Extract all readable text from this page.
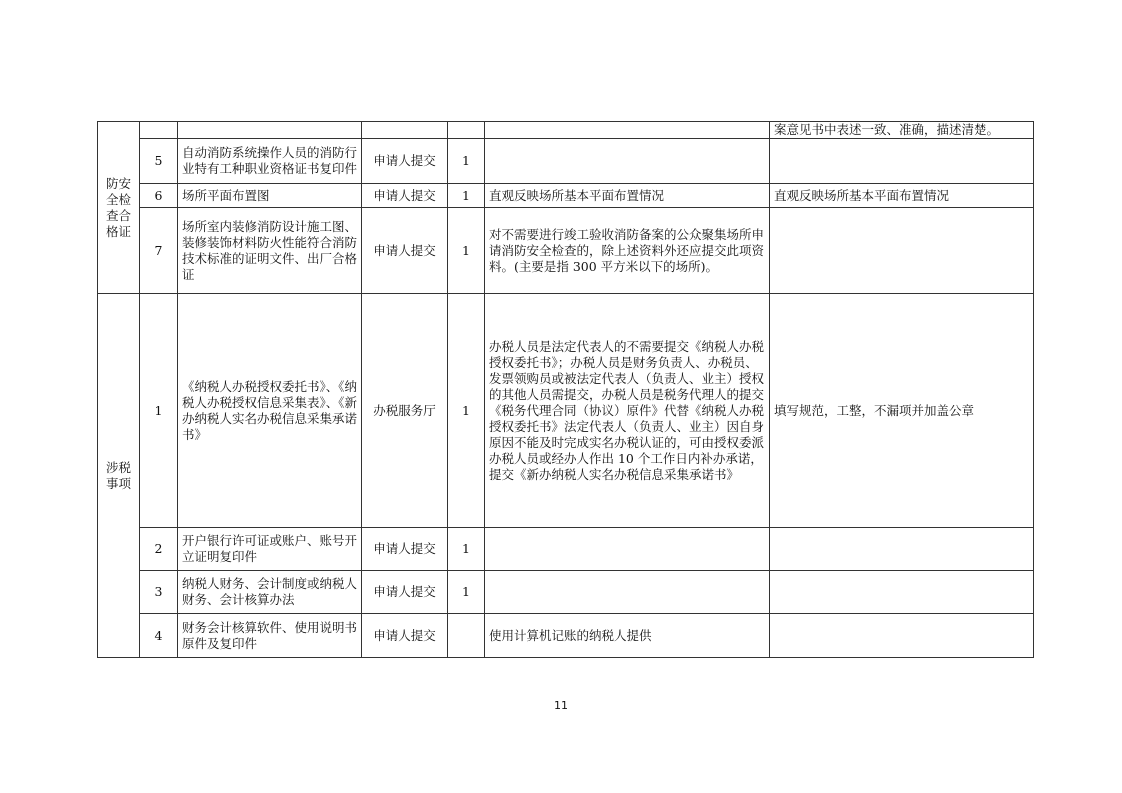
防安
全检
查合
格证						案意见书中表述一致、准确，描述清楚。
	5	自动消防系统操作人员的消防行业特有工种职业资格证书复印件	申请人提交	1		
	6	场所平面布置图	申请人提交	1	直观反映场所基本平面布置情况	直观反映场所基本平面布置情况
	7	场所室内装修消防设计施工图、装修装饰材料防火性能符合消防技术标准的证明文件、出厂合格证	申请人提交	1	对不需要进行竣工验收消防备案的公众聚集场所申请消防安全检查的，除上述资料外还应提交此项资料。(主要是指 300 平方米以下的场所)。	
涉税
事项	1	《纳税人办税授权委托书》、《纳税人办税授权信息采集表》、《新办纳税人实名办税信息采集承诺书》	办税服务厅	1	办税人员是法定代表人的不需要提交《纳税人办税授权委托书》；办税人员是财务负责人、办税员、发票领购员或被法定代表人（负责人、业主）授权的其他人员需提交，办税人员是税务代理人的提交《税务代理合同（协议）原件》代替《纳税人办税授权委托书》法定代表人（负责人、业主）因自身原因不能及时完成实名办税认证的，可由授权委派办税人员或经办人作出 10 个工作日内补办承诺，提交《新办纳税人实名办税信息采集承诺书》	填写规范，工整，不漏项并加盖公章
	2	开户银行许可证或账户、账号开立证明复印件	申请人提交	1		
	3	纳税人财务、会计制度或纳税人财务、会计核算办法	申请人提交	1		
	4	财务会计核算软件、使用说明书原件及复印件	申请人提交		使用计算机记账的纳税人提供	
11
